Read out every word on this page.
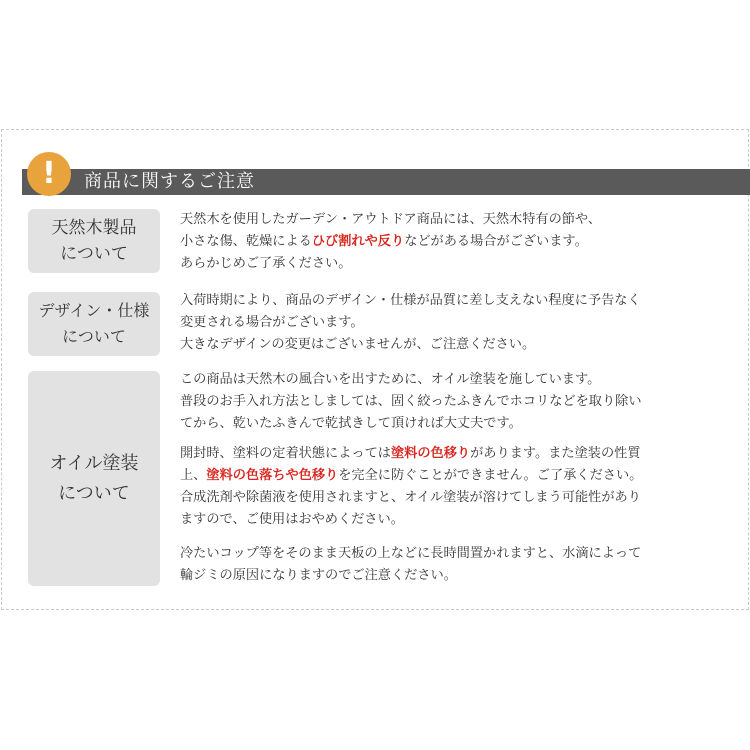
商品に関するご注意
!
天然木製品
について
デザイン・仕様
について
オイル塗装
について
天然木を使用したガーデン・アウトドア商品には、天然木特有の節や、
小さな傷、乾燥によるひび割れや反りなどがある場合がございます。
あらかじめご了承ください。
入荷時期により、商品のデザイン・仕様が品質に差し支えない程度に予告なく
変更される場合がございます。
大きなデザインの変更はございませんが、ご注意ください。
この商品は天然木の風合いを出すために、オイル塗装を施しています。
普段のお手入れ方法としましては、固く絞ったふきんでホコリなどを取り除い
てから、乾いたふきんで乾拭きして頂ければ大丈夫です。
開封時、塗料の定着状態によっては塗料の色移りがあります。また塗装の性質
上、塗料の色落ちや色移りを完全に防ぐことができません。ご了承ください。
合成洗剤や除菌液を使用されますと、オイル塗装が溶けてしまう可能性があり
ますので、ご使用はおやめください。
冷たいコップ等をそのまま天板の上などに長時間置かれますと、水滴によって
輪ジミの原因になりますのでご注意ください。
